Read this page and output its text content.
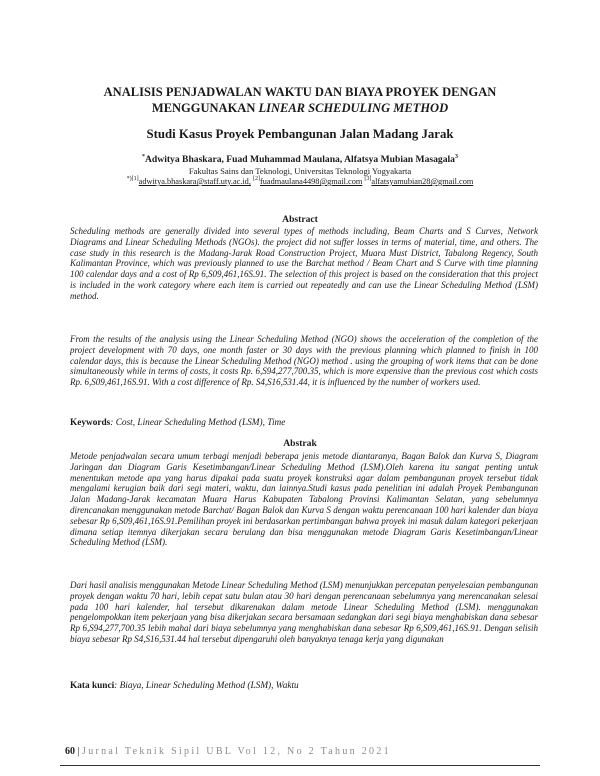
ANALISIS PENJADWALAN WAKTU DAN BIAYA PROYEK DENGAN
MENGGUNAKAN LINEAR SCHEDULING METHOD
Studi Kasus Proyek Pembangunan Jalan Madang Jarak
*Adwitya Bhaskara, Fuad Muhammad Maulana, Alfatsya Mubian Masagala$^3$
Fakultas Sains dan Teknologi, Universitas Teknologi Yogyakarta
$^{*)[1]}$adwitya.bhaskara@staff.uty.ac.id, [2]fuadmaulana4498@gmail.com [3]alfatsyamubian28@gmail.com
Abstract

Scheduling methods are generally divided into several types of methods including, Beam Charts and S Curves, Network Diagrams and Linear Scheduling Methods (NGOs). the project did not suffer losses in terms of material, time, and others. The case study in this research is the Madang-Jarak Road Construction Project, Muara Must District, Tabalong Regency, South Kalimantan Province, which was previously planned to use the Barchat method / Beam Chart and S Curve with time planning 100 calendar days and a cost of Rp 6,S09,461,16S.91. The selection of this project is based on the consideration that this project is included in the work category where each item is carried out repeatedly and can use the Linear Scheduling Method (LSM) method.

From the results of the analysis using the Linear Scheduling Method (NGO) shows the acceleration of the completion of the project development with 70 days, one month faster or 30 days with the previous planning which planned to finish in 100 calendar days, this is because the Linear Scheduling Method (NGO) method . using the grouping of work items that can be done simultaneously while in terms of costs, it costs Rp. 6,S94,277,700.35, which is more expensive than the previous cost which costs Rp. 6,S09,461,16S.91. With a cost difference of Rp. S4,S16,531.44, it is influenced by the number of workers used.

Keywords: Cost, Linear Scheduling Method (LSM), Time
Abstrak

Metode penjadwalan secara umum terbagi menjadi beberapa jenis metode diantaranya, Bagan Balok dan Kurva S, Diagram Jaringan dan Diagram Garis Kesetimbangan/Linear Scheduling Method (LSM).Oleh karena itu sangat penting untuk menentukan metode apa yang harus dipakai pada suatu proyek konstruksi agar dalam pembangunan proyek tersebut tidak mengalami kerugian baik dari segi materi, waktu, dan lainnya.Studi kasus pada penelitian ini adalah Proyek Pembangunan Jalan Madang-Jarak kecamatan Muara Harus Kabupaten Tabalong Provinsi Kalimantan Selatan, yang sebelumnya direncanakan menggunakan metode Barchat/ Bagan Balok dan Kurva S dengan waktu perencanaan 100 hari kalender dan biaya sebesar Rp 6,S09,461,16S.91.Pemilihan proyek ini berdasarkan pertimbangan bahwa proyek ini masuk dalam kategori pekerjaan dimana setiap itemnya dikerjakan secara berulang dan bisa menggunakan metode Diagram Garis Kesetimbangan/Linear Scheduling Method (LSM).

Dari hasil analisis menggunakan Metode Linear Scheduling Method (LSM) menunjukkan percepatan penyelesaian pembangunan proyek dengan waktu 70 hari, lebih cepat satu bulan atau 30 hari dengan perencanaan sebelumnya yang merencanakan selesai pada 100 hari kalender, hal tersebut dikarenakan dalam metode Linear Scheduling Method (LSM). menggunakan pengelompokkan item pekerjaan yang bisa dikerjakan secara bersamaan sedangkan dari segi biaya menghabiskan dana sebesar Rp 6,S94,277,700.35 lebih mahal dari biaya sebelumnya yang menghabiskan dana sebesar Rp 6,S09,461,16S.91. Dengan selisih biaya sebesar Rp S4,S16,531.44 hal tersebut dipengaruhi oleh banyaknya tenaga kerja yang digunakan

Kata kunci: Biaya, Linear Scheduling Method (LSM), Waktu
60 | Jurnal Teknik Sipil UBL Vol 12, No 2 Tahun 2021
